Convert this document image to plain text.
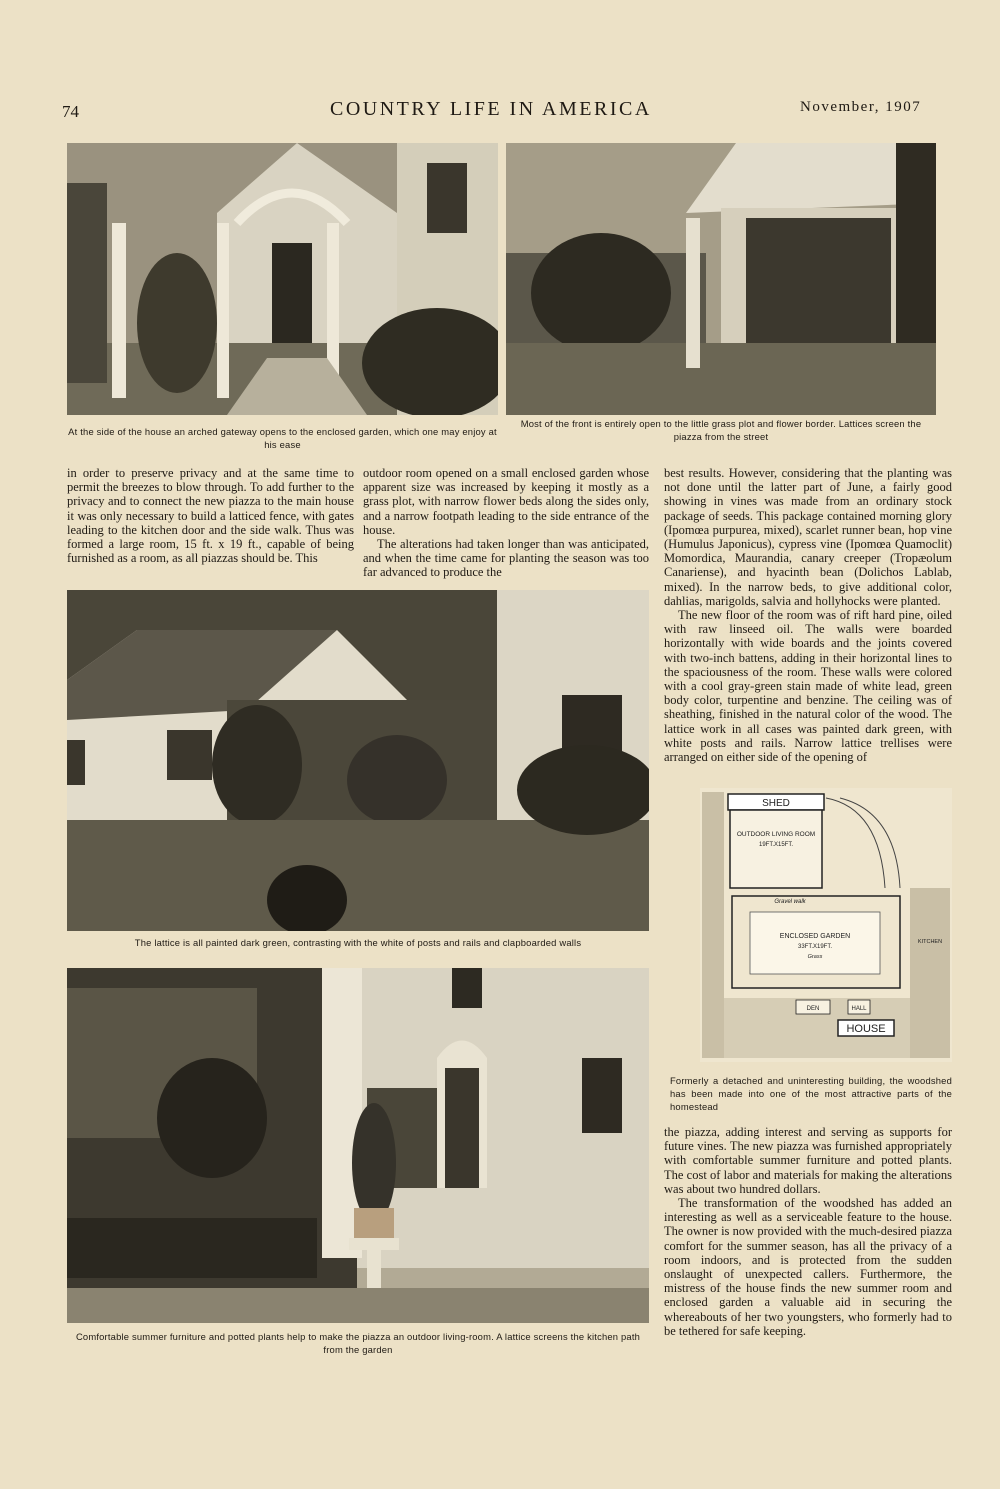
74	COUNTRY LIFE IN AMERICA	November, 1907
At the side of the house an arched gateway opens to the enclosed garden, which one may enjoy at his ease
Most of the front is entirely open to the little grass plot and flower border. Lattices screen the piazza from the street

in order to preserve privacy and at the same time to permit the breezes to blow through. To add further to the privacy and to connect the new piazza to the main house it was only necessary to build a latticed fence, with gates leading to the kitchen door and the side walk. Thus was formed a large room, 15 ft. x 19 ft., capable of being furnished as a room, as all piazzas should be. This

outdoor room opened on a small enclosed garden whose apparent size was increased by keeping it mostly as a grass plot, with narrow flower beds along the sides only, and a narrow footpath leading to the side entrance of the house.

The alterations had taken longer than was anticipated, and when the time came for planting the season was too far advanced to produce the

best results. However, considering that the planting was not done until the latter part of June, a fairly good showing in vines was made from an ordinary stock package of seeds. This package contained morning glory (Ipomœa purpurea, mixed), scarlet runner bean, hop vine (Humulus Japonicus), cypress vine (Ipomœa Quamoclit) Momordica, Maurandia, canary creeper (Tropæolum Canariense), and hyacinth bean (Dolichos Lablab, mixed). In the narrow beds, to give additional color, dahlias, marigolds, salvia and hollyhocks were planted.

The new floor of the room was of rift hard pine, oiled with raw linseed oil. The walls were boarded horizontally with wide boards and the joints covered with two-inch battens, adding in their horizontal lines to the spaciousness of the room. These walls were colored with a cool gray-green stain made of white lead, green body color, turpentine and benzine. The ceiling was of sheathing, finished in the natural color of the wood. The lattice work in all cases was painted dark green, with white posts and rails. Narrow lattice trellises were arranged on either side of the opening of

The lattice is all painted dark green, contrasting with the white of posts and rails and clapboarded walls
SHED
OUTDOOR LIVING ROOM
19FT.X15FT.
Gravel walk
ENCLOSED GARDEN
33FT.X19FT.
Grass
KITCHEN
DEN	HALL
HOUSE
Formerly a detached and uninteresting building, the woodshed has been made into one of the most attractive parts of the homestead
Comfortable summer furniture and potted plants help to make the piazza an outdoor living-room. A lattice screens the kitchen path from the garden

the piazza, adding interest and serving as supports for future vines. The new piazza was furnished appropriately with comfortable summer furniture and potted plants. The cost of labor and materials for making the alterations was about two hundred dollars.

The transformation of the woodshed has added an interesting as well as a serviceable feature to the house. The owner is now provided with the much-desired piazza comfort for the summer season, has all the privacy of a room indoors, and is protected from the sudden onslaught of unexpected callers. Furthermore, the mistress of the house finds the new summer room and enclosed garden a valuable aid in securing the whereabouts of her two youngsters, who formerly had to be tethered for safe keeping.
